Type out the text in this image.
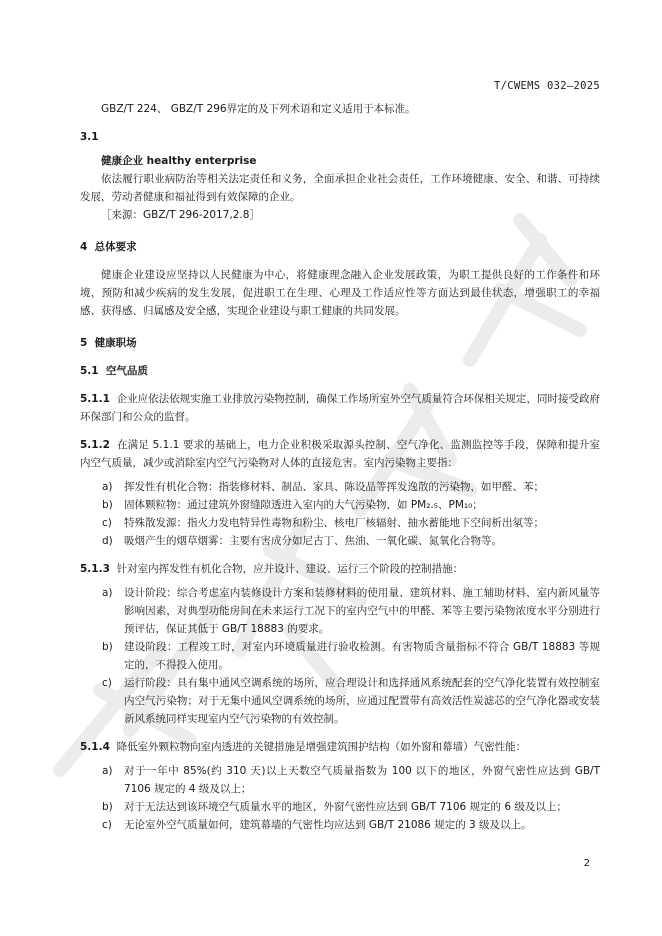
T/CWEMS 032—2025

GBZ/T 224、 GBZ/T 296界定的及下列术语和定义适用于本标准。

3.1

健康企业 healthy enterprise

依法履行职业病防治等相关法定责任和义务，全面承担企业社会责任，工作环境健康、安全、和谐、可持续发展，劳动者健康和福祉得到有效保障的企业。

［来源：GBZ/T 296-2017,2.8］

4 总体要求

健康企业建设应坚持以人民健康为中心，将健康理念融入企业发展政策，为职工提供良好的工作条件和环境，预防和减少疾病的发生发展，促进职工在生理、心理及工作适应性等方面达到最佳状态，增强职工的幸福感、获得感、归属感及安全感，实现企业建设与职工健康的共同发展。

5 健康职场

5.1 空气品质

5.1.1 企业应依法依规实施工业排放污染物控制，确保工作场所室外空气质量符合环保相关规定，同时接受政府环保部门和公众的监督。

5.1.2 在满足 5.1.1 要求的基础上，电力企业积极采取源头控制、空气净化、监测监控等手段，保障和提升室内空气质量，减少或消除室内空气污染物对人体的直接危害。室内污染物主要指：

a)	挥发性有机化合物：指装修材料、制品、家具、陈设品等挥发逸散的污染物，如甲醛、苯；
b)	固体颗粒物：通过建筑外窗缝隙透进入室内的大气污染物，如 PM₂.₅、PM₁₀；
c)	特殊散发源：指火力发电特异性毒物和粉尘、核电厂核辐射、抽水蓄能地下空间析出氡等；
d)	吸烟产生的烟草烟雾：主要有害成分如尼古丁、焦油、一氧化碳、氮氧化合物等。

5.1.3 针对室内挥发性有机化合物，应并设计、建设、运行三个阶段的控制措施：

a)	设计阶段：综合考虑室内装修设计方案和装修材料的使用量、建筑材料、施工辅助材料、室内新风量等影响因素，对典型功能房间在未来运行工况下的室内空气中的甲醛、苯等主要污染物浓度水平分别进行预评估，保证其低于 GB/T 18883 的要求。
b)	建设阶段：工程竣工时，对室内环境质量进行验收检测。有害物质含量指标不符合 GB/T 18883 等规定的，不得投入使用。
c)	运行阶段：具有集中通风空调系统的场所，应合理设计和选择通风系统配套的空气净化装置有效控制室内空气污染物；对于无集中通风空调系统的场所，应通过配置带有高效活性炭滤芯的空气净化器或安装新风系统同样实现室内空气污染物的有效控制。

5.1.4 降低室外颗粒物向室内透进的关键措施是增强建筑围护结构（如外窗和幕墙）气密性能：

a)	对于一年中 85%(约 310 天)以上天数空气质量指数为 100 以下的地区，外窗气密性应达到 GB/T 7106 规定的 4 级及以上；
b)	对于无法达到该环境空气质量水平的地区，外窗气密性应达到 GB/T 7106 规定的 6 级及以上；
c)	无论室外空气质量如何，建筑幕墙的气密性均应达到 GB/T 21086 规定的 3 级及以上。
2
